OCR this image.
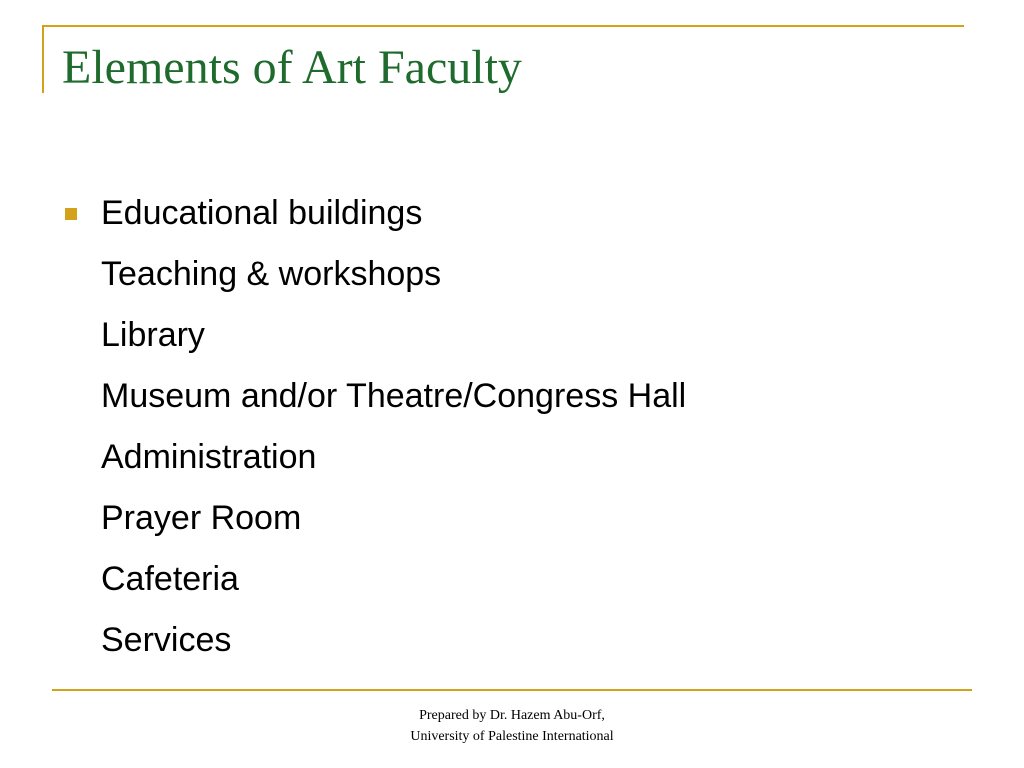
Elements of Art Faculty
Educational buildings
Teaching & workshops
Library
Museum and/or Theatre/Congress Hall
Administration
Prayer Room
Cafeteria
Services
Prepared by Dr. Hazem Abu-Orf,
University of Palestine International
